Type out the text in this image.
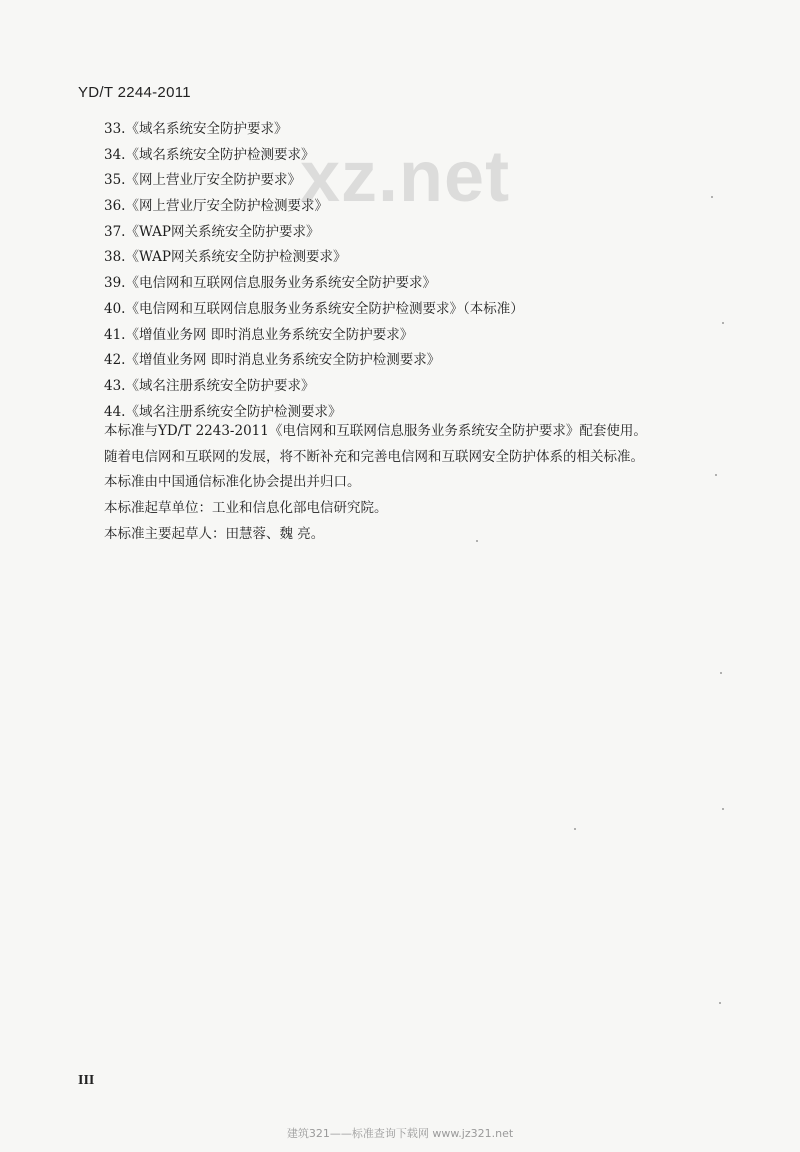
YD/T 2244-2011
xz.net
33.《域名系统安全防护要求》
34.《域名系统安全防护检测要求》
35.《网上营业厅安全防护要求》
36.《网上营业厅安全防护检测要求》
37.《WAP网关系统安全防护要求》
38.《WAP网关系统安全防护检测要求》
39.《电信网和互联网信息服务业务系统安全防护要求》
40.《电信网和互联网信息服务业务系统安全防护检测要求》（本标准）
41.《增值业务网 即时消息业务系统安全防护要求》
42.《增值业务网 即时消息业务系统安全防护检测要求》
43.《域名注册系统安全防护要求》
44.《域名注册系统安全防护检测要求》

本标准与YD/T 2243-2011《电信网和互联网信息服务业务系统安全防护要求》配套使用。

随着电信网和互联网的发展，将不断补充和完善电信网和互联网安全防护体系的相关标准。

本标准由中国通信标准化协会提出并归口。

本标准起草单位：工业和信息化部电信研究院。

本标准主要起草人：田慧蓉、魏 亮。

III
建筑321——标准查询下载网 www.jz321.net
